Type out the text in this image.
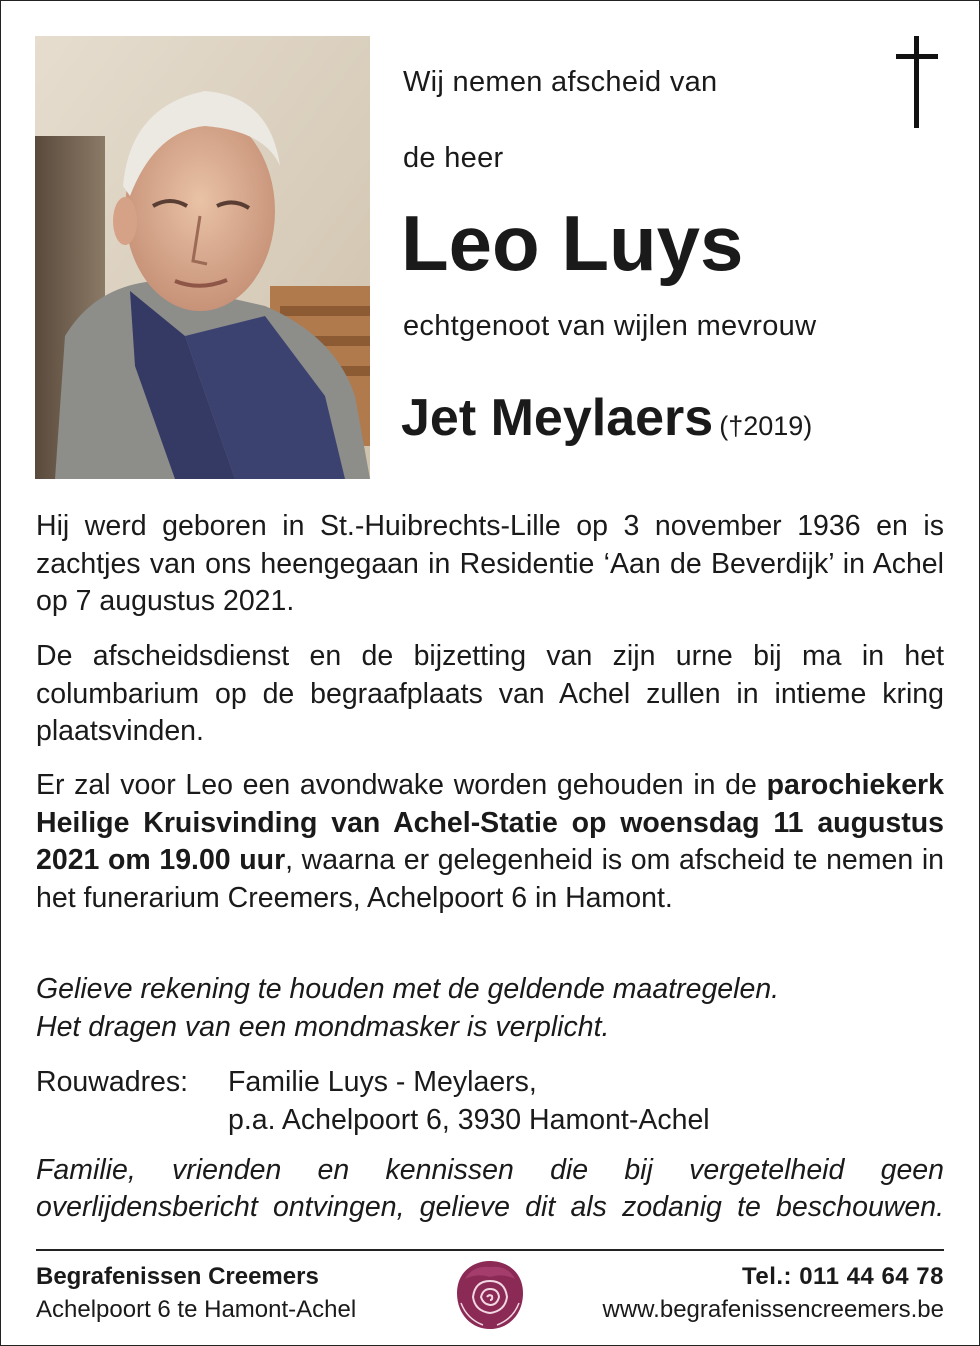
Wij nemen afscheid van
de heer
Leo Luys
echtgenoot van wijlen mevrouw
Jet Meylaers (†2019)
Hij werd geboren in St.-Huibrechts-Lille op 3 november 1936 en is zachtjes van ons heengegaan in Residentie ‘Aan de Beverdijk’ in Achel op 7 augustus 2021.
De afscheidsdienst en de bijzetting van zijn urne bij ma in het columbarium op de begraafplaats van Achel zullen in intieme kring plaatsvinden.
Er zal voor Leo een avondwake worden gehouden in de parochiekerk Heilige Kruisvinding van Achel-Statie op woensdag 11 augustus 2021 om 19.00 uur, waarna er gelegenheid is om afscheid te nemen in het funerarium Creemers, Achelpoort 6 in Hamont.
Gelieve rekening te houden met de geldende maatregelen.
Het dragen van een mondmasker is verplicht.
Rouwadres: Familie Luys - Meylaers,
p.a. Achelpoort 6, 3930 Hamont-Achel
Familie, vrienden en kennissen die bij vergetelheid geen overlijdensbericht ontvingen, gelieve dit als zodanig te beschouwen.
Begrafenissen Creemers
Achelpoort 6 te Hamont-Achel
Tel.: 011 44 64 78
www.begrafenissencreemers.be
